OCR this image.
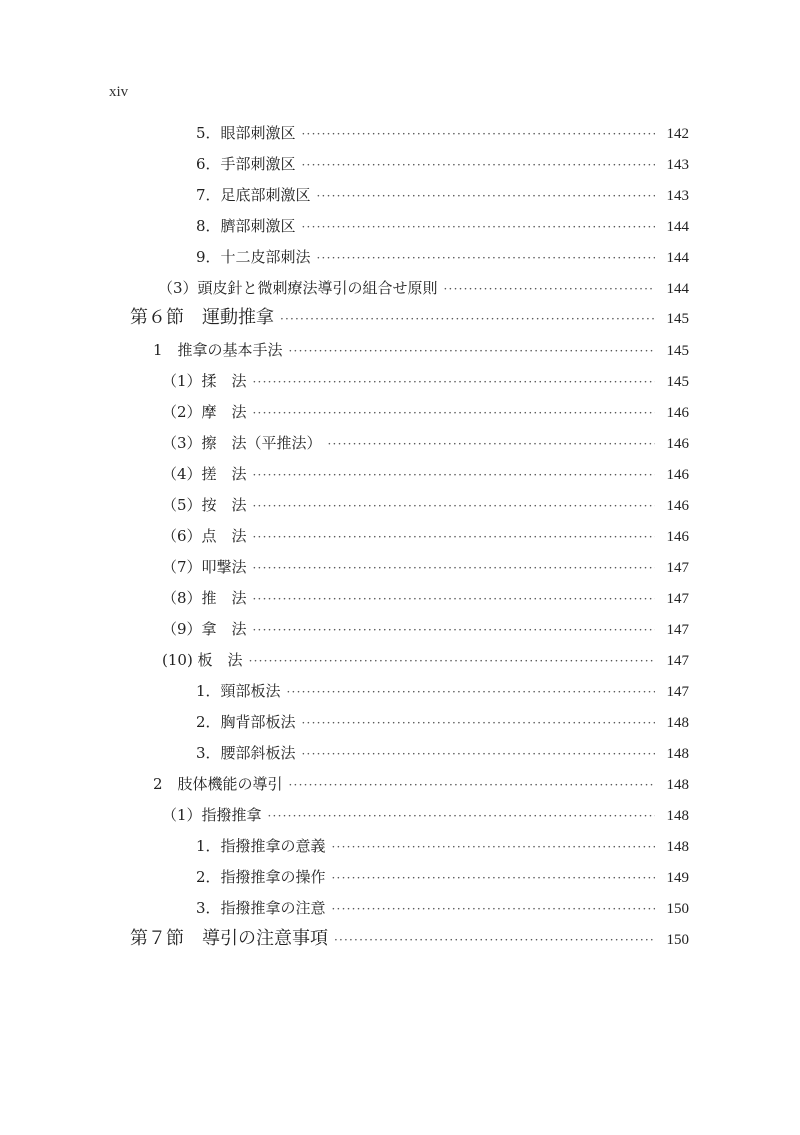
xiv
5．眼部刺激区 ·····	142
6．手部刺激区 ·····	143
7．足底部刺激区 ·····	143
8．臍部刺激区 ·····	144
9．十二皮部刺法 ·····	144
（3）頭皮針と微刺療法導引の組合せ原則 ·····	144
第６節　運動推拿 ·····	145
1　推拿の基本手法 ·····	145
（1）揉　法 ·····	145
（2）摩　法 ·····	146
（3）擦　法（平推法） ·····	146
（4）搓　法 ·····	146
（5）按　法 ·····	146
（6）点　法 ·····	146
（7）叩撃法 ·····	147
（8）推　法 ·····	147
（9）拿　法 ·····	147
(10) 板　法 ·····	147
1．頸部板法 ·····	147
2．胸背部板法 ·····	148
3．腰部斜板法 ·····	148
2　肢体機能の導引 ·····	148
（1）指撥推拿 ·····	148
1．指撥推拿の意義 ·····	148
2．指撥推拿の操作 ·····	149
3．指撥推拿の注意 ·····	150
第７節　導引の注意事項 ·····	150
